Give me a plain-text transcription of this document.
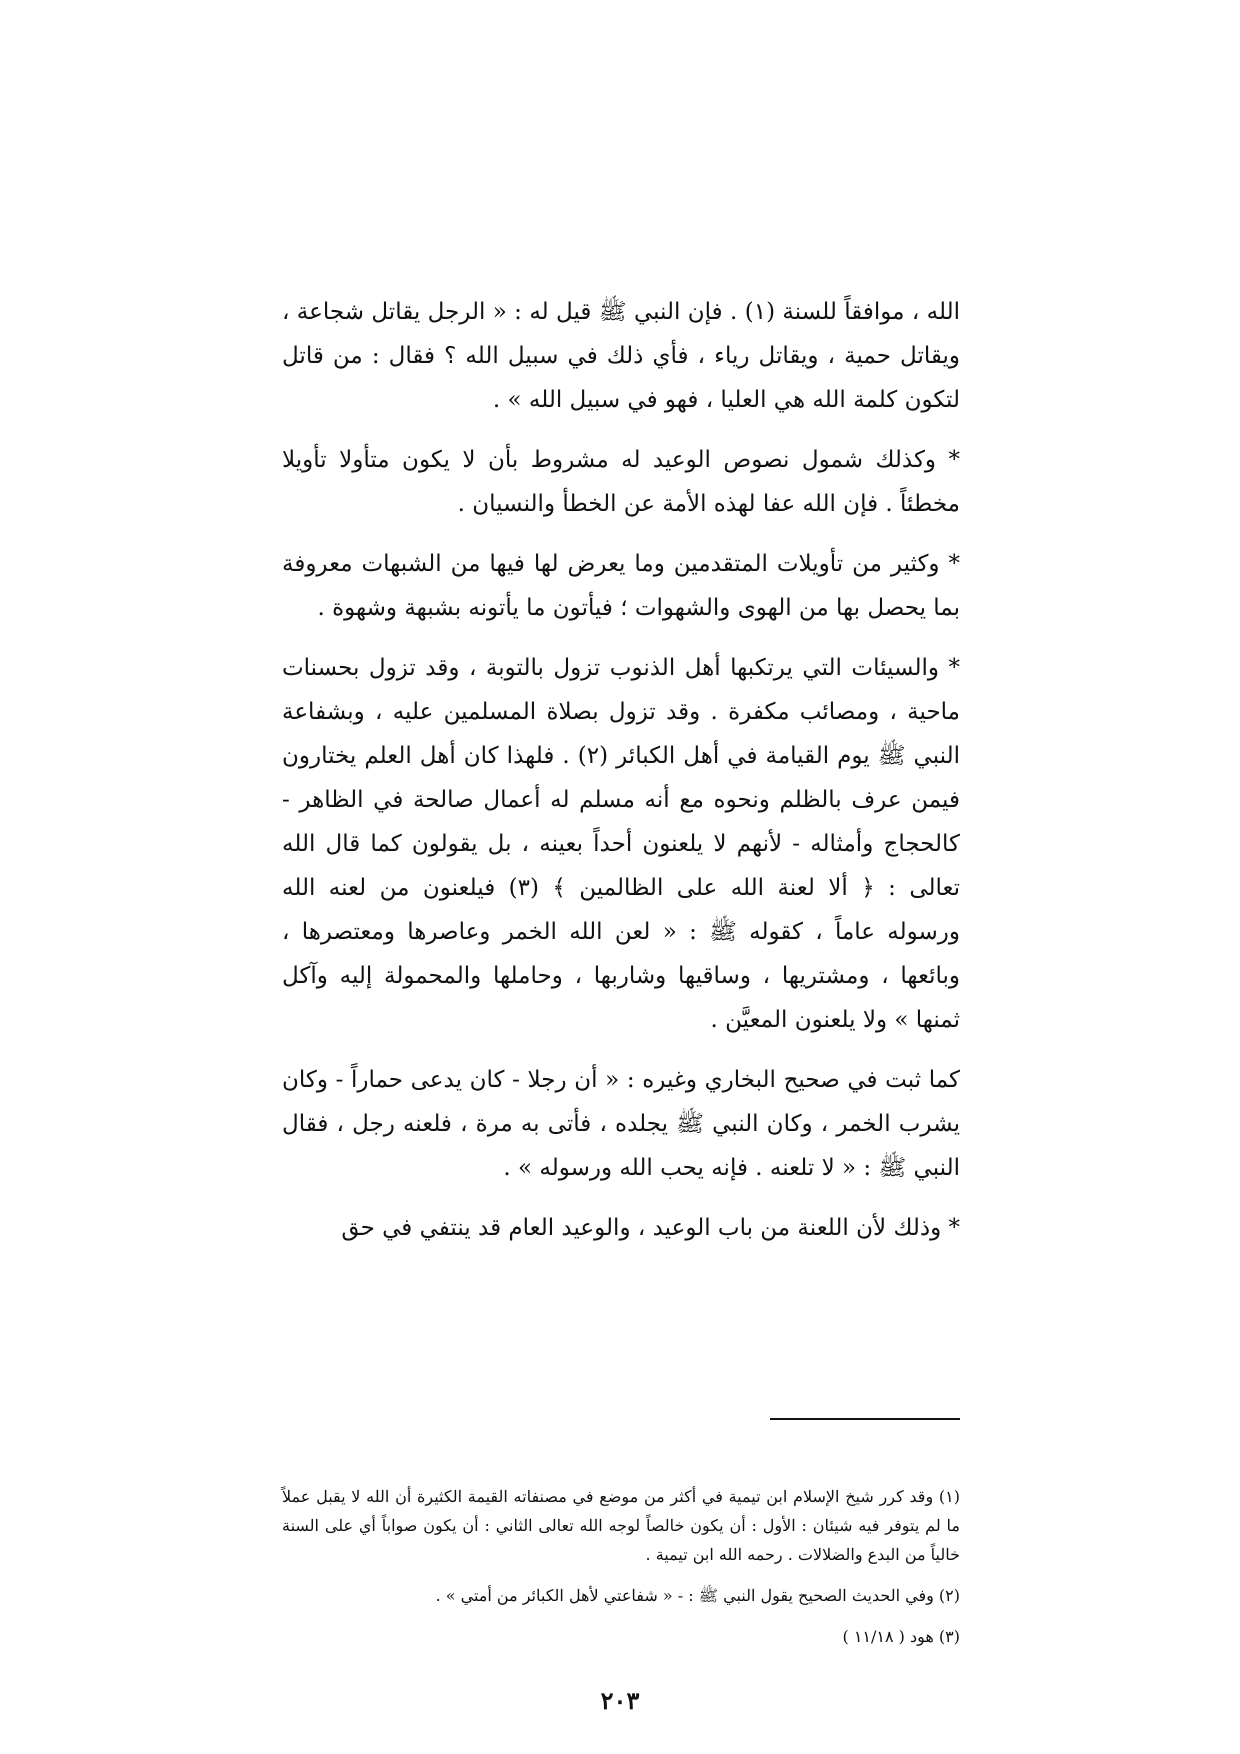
الله ، موافقاً للسنة (١) . فإن النبي ﷺ قيل له : « الرجل يقاتل شجاعة ، ويقاتل حمية ، ويقاتل رياء ، فأي ذلك في سبيل الله ؟ فقال : من قاتل لتكون كلمة الله هي العليا ، فهو في سبيل الله » .

* وكذلك شمول نصوص الوعيد له مشروط بأن لا يكون متأولا تأويلا مخطئاً . فإن الله عفا لهذه الأمة عن الخطأ والنسيان .

* وكثير من تأويلات المتقدمين وما يعرض لها فيها من الشبهات معروفة بما يحصل بها من الهوى والشهوات ؛ فيأتون ما يأتونه بشبهة وشهوة .

* والسيئات التي يرتكبها أهل الذنوب تزول بالتوبة ، وقد تزول بحسنات ماحية ، ومصائب مكفرة . وقد تزول بصلاة المسلمين عليه ، وبشفاعة النبي ﷺ يوم القيامة في أهل الكبائر (٢) . فلهذا كان أهل العلم يختارون فيمن عرف بالظلم ونحوه مع أنه مسلم له أعمال صالحة في الظاهر - كالحجاج وأمثاله - لأنهم لا يلعنون أحداً بعينه ، بل يقولون كما قال الله تعالى : ﴿ ألا لعنة الله على الظالمين ﴾ (٣) فيلعنون من لعنه الله ورسوله عاماً ، كقوله ﷺ : « لعن الله الخمر وعاصرها ومعتصرها ، وبائعها ، ومشتريها ، وساقيها وشاربها ، وحاملها والمحمولة إليه وآكل ثمنها » ولا يلعنون المعيَّن .

كما ثبت في صحيح البخاري وغيره : « أن رجلا - كان يدعى حماراً - وكان يشرب الخمر ، وكان النبي ﷺ يجلده ، فأتى به مرة ، فلعنه رجل ، فقال النبي ﷺ : « لا تلعنه . فإنه يحب الله ورسوله » .

* وذلك لأن اللعنة من باب الوعيد ، والوعيد العام قد ينتفي في حق

(١) وقد كرر شيخ الإسلام ابن تيمية في أكثر من موضع في مصنفاته القيمة الكثيرة أن الله لا يقبل عملاً ما لم يتوفر فيه شيئان : الأول : أن يكون خالصاً لوجه الله تعالى الثاني : أن يكون صواباً أي على السنة خالياً من البدع والضلالات . رحمه الله ابن تيمية .

(٢) وفي الحديث الصحيح يقول النبي ﷺ : - « شفاعتي لأهل الكبائر من أمتي » .

(٣) هود ( ١١/١٨ )

٢٠٣
